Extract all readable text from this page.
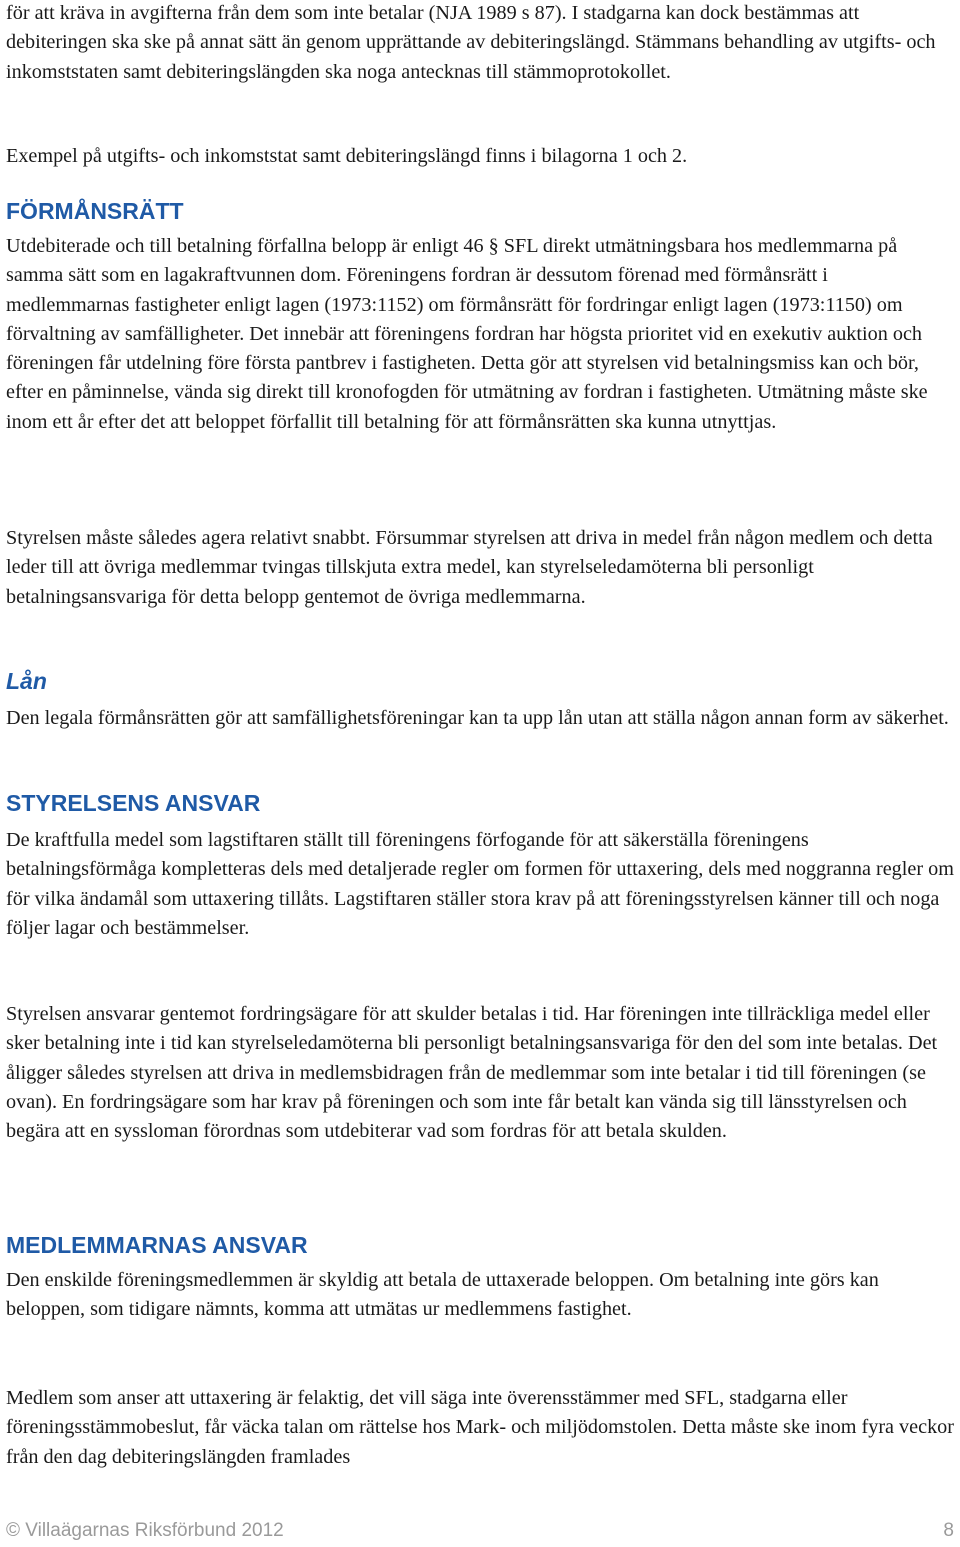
för att kräva in avgifterna från dem som inte betalar (NJA 1989 s 87). I stadgarna kan dock bestämmas att debiteringen ska ske på annat sätt än genom upprättande av debiteringslängd. Stämmans behandling av utgifts- och inkomststaten samt debiteringslängden ska noga antecknas till stämmoprotokollet.

Exempel på utgifts- och inkomststat samt debiteringslängd finns i bilagorna 1 och 2.

FÖRMÅNSRÄTT

Utdebiterade och till betalning förfallna belopp är enligt 46 § SFL direkt utmätningsbara hos medlemmarna på samma sätt som en lagakraftvunnen dom. Föreningens fordran är dessutom förenad med förmånsrätt i medlemmarnas fastigheter enligt lagen (1973:1152) om förmånsrätt för fordringar enligt lagen (1973:1150) om förvaltning av samfälligheter. Det innebär att föreningens fordran har högsta prioritet vid en exekutiv auktion och föreningen får utdelning före första pantbrev i fastigheten. Detta gör att styrelsen vid betalningsmiss kan och bör, efter en påminnelse, vända sig direkt till kronofogden för utmätning av fordran i fastigheten. Utmätning måste ske inom ett år efter det att beloppet förfallit till betalning för att förmånsrätten ska kunna utnyttjas.

Styrelsen måste således agera relativt snabbt. Försummar styrelsen att driva in medel från någon medlem och detta leder till att övriga medlemmar tvingas tillskjuta extra medel, kan styrelseledamöterna bli personligt betalningsansvariga för detta belopp gentemot de övriga medlemmarna.

Lån

Den legala förmånsrätten gör att samfällighetsföreningar kan ta upp lån utan att ställa någon annan form av säkerhet.

STYRELSENS ANSVAR

De kraftfulla medel som lagstiftaren ställt till föreningens förfogande för att säkerställa föreningens betalningsförmåga kompletteras dels med detaljerade regler om formen för uttaxering, dels med noggranna regler om för vilka ändamål som uttaxering tillåts. Lagstiftaren ställer stora krav på att föreningsstyrelsen känner till och noga följer lagar och bestämmelser.

Styrelsen ansvarar gentemot fordringsägare för att skulder betalas i tid. Har föreningen inte tillräckliga medel eller sker betalning inte i tid kan styrelseledamöterna bli personligt betalningsansvariga för den del som inte betalas. Det åligger således styrelsen att driva in medlemsbidragen från de medlemmar som inte betalar i tid till föreningen (se ovan). En fordringsägare som har krav på föreningen och som inte får betalt kan vända sig till länsstyrelsen och begära att en syssloman förordnas som utdebiterar vad som fordras för att betala skulden.

MEDLEMMARNAS ANSVAR

Den enskilde föreningsmedlemmen är skyldig att betala de uttaxerade beloppen. Om betalning inte görs kan beloppen, som tidigare nämnts, komma att utmätas ur medlemmens fastighet.

Medlem som anser att uttaxering är felaktig, det vill säga inte överensstämmer med SFL, stadgarna eller föreningsstämmobeslut, får väcka talan om rättelse hos Mark- och miljödomstolen. Detta måste ske inom fyra veckor från den dag debiteringslängden framlades

© Villaägarnas Riksförbund 2012	8
